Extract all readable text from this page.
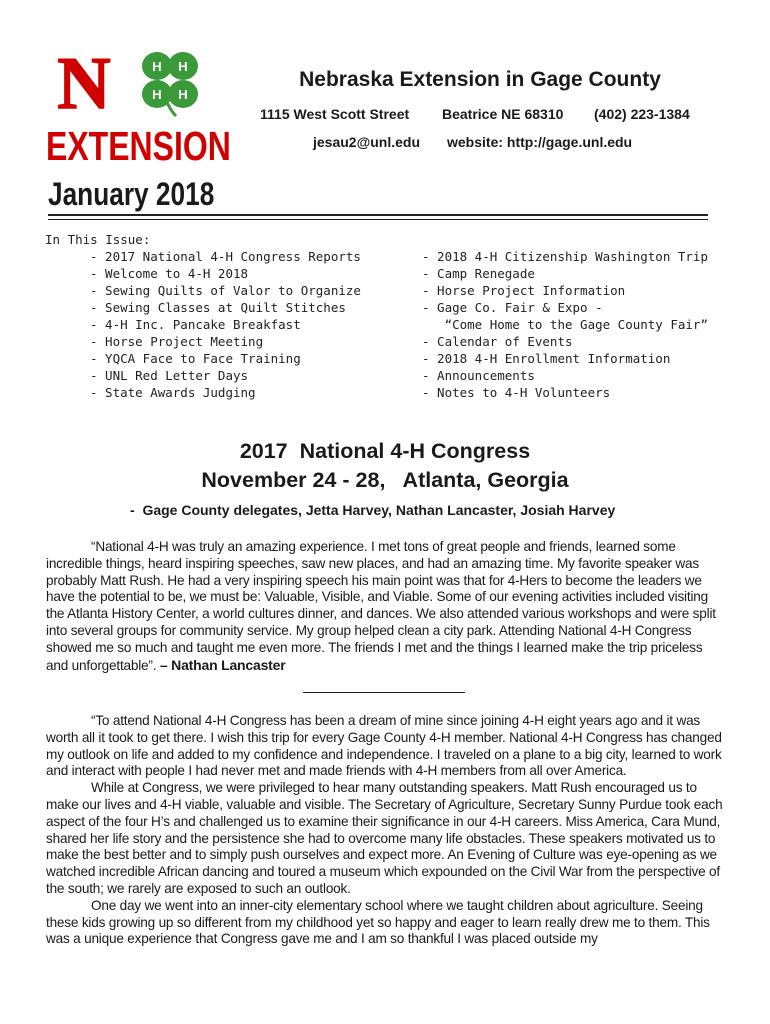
N	H H
H H
EXTENSION
Nebraska Extension in Gage County
1115 West Scott Street Beatrice NE 68310 (402) 223-1384
jesau2@unl.edu website: http://gage.unl.edu
January 2018
In This Issue:
- 2017 National 4-H Congress Reports
- Welcome to 4-H 2018
- Sewing Quilts of Valor to Organize
- Sewing Classes at Quilt Stitches
- 4-H Inc. Pancake Breakfast
- Horse Project Meeting
- YQCA Face to Face Training
- UNL Red Letter Days
- State Awards Judging
- 2018 4-H Citizenship Washington Trip
- Camp Renegade
- Horse Project Information
- Gage Co. Fair & Expo -
“Come Home to the Gage County Fair”
- Calendar of Events
- 2018 4-H Enrollment Information
- Announcements
- Notes to 4-H Volunteers
2017  National 4-H Congress
November 24 - 28,   Atlanta, Georgia
-  Gage County delegates, Jetta Harvey, Nathan Lancaster, Josiah Harvey

“National 4-H was truly an amazing experience. I met tons of great people and friends, learned some incredible things, heard inspiring speeches, saw new places, and had an amazing time. My favorite speaker was probably Matt Rush. He had a very inspiring speech his main point was that for 4-Hers to become the leaders we have the potential to be, we must be: Valuable, Visible, and Viable. Some of our evening activities included visiting the Atlanta History Center, a world cultures dinner, and dances. We also attended various workshops and were split into several groups for community service. My group helped clean a city park. Attending National 4-H Congress showed me so much and taught me even more. The friends I met and the things I learned make the trip priceless and unforgettable”. – Nathan Lancaster

“To attend National 4-H Congress has been a dream of mine since joining 4-H eight years ago and it was worth all it took to get there. I wish this trip for every Gage County 4-H member. National 4-H Congress has changed my outlook on life and added to my confidence and independence. I traveled on a plane to a big city, learned to work and interact with people I had never met and made friends with 4-H members from all over America.

While at Congress, we were privileged to hear many outstanding speakers. Matt Rush encouraged us to make our lives and 4-H viable, valuable and visible. The Secretary of Agriculture, Secretary Sunny Purdue took each aspect of the four H’s and challenged us to examine their significance in our 4-H careers. Miss America, Cara Mund, shared her life story and the persistence she had to overcome many life obstacles. These speakers motivated us to make the best better and to simply push ourselves and expect more. An Evening of Culture was eye-opening as we watched incredible African dancing and toured a museum which expounded on the Civil War from the perspective of the south; we rarely are exposed to such an outlook.

One day we went into an inner-city elementary school where we taught children about agriculture. Seeing these kids growing up so different from my childhood yet so happy and eager to learn really drew me to them. This was a unique experience that Congress gave me and I am so thankful I was placed outside my
